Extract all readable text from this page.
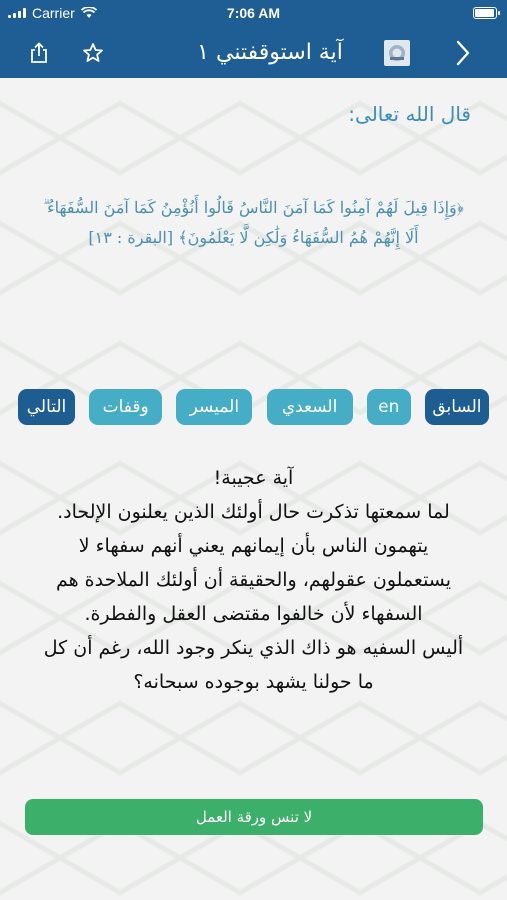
Carrier	7:06 AM
آية استوقفتني ١
قال الله تعالى:
﴿وَإِذَا قِيلَ لَهُمْ آمِنُوا كَمَا آمَنَ النَّاسُ قَالُوا أَنُؤْمِنُ كَمَا آمَنَ السُّفَهَاءُ ۗ
أَلَا إِنَّهُمْ هُمُ السُّفَهَاءُ وَلَٰكِن لَّا يَعْلَمُونَ﴾ [البقرة : ١٣]
التالي	وقفات	الميسر	السعدي	en	السابق
آية عجيبة!
لما سمعتها تذكرت حال أولئك الذين يعلنون الإلحاد.
يتهمون الناس بأن إيمانهم يعني أنهم سفهاء لا
يستعملون عقولهم، والحقيقة أن أولئك الملاحدة هم
السفهاء لأن خالفوا مقتضى العقل والفطرة.
أليس السفيه هو ذاك الذي ينكر وجود الله، رغم أن كل
ما حولنا يشهد بوجوده سبحانه؟
لا تنس ورقة العمل
